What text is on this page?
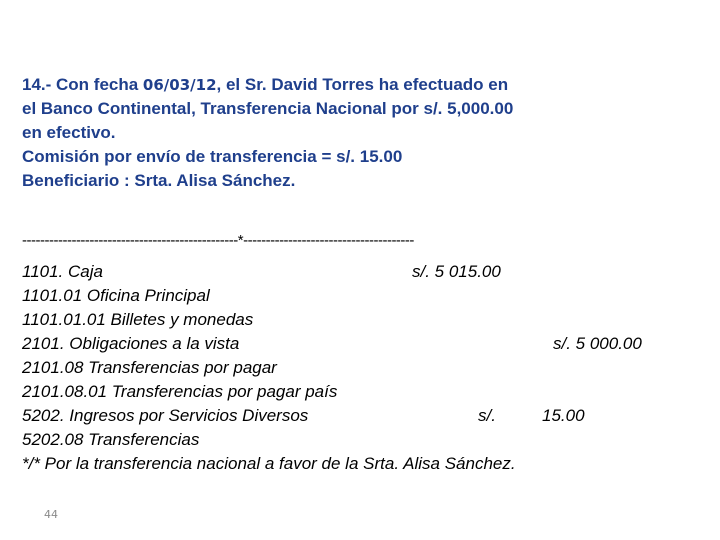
14.- Con fecha 06/03/12, el Sr. David Torres ha efectuado en
el Banco Continental, Transferencia Nacional por s/. 5,000.00
en efectivo.
Comisión por envío de transferencia = s/. 15.00
Beneficiario : Srta. Alisa Sánchez.
------------------------------------------------*--------------------------------------
1101. Caja	s/. 5 015.00
1101.01 Oficina Principal
1101.01.01 Billetes y monedas
2101. Obligaciones a la vista	s/. 5 000.00
2101.08 Transferencias por pagar
2101.08.01 Transferencias por pagar país
5202. Ingresos por Servicios Diversos	s/.	15.00
5202.08 Transferencias
*/* Por la transferencia nacional a favor de la Srta. Alisa Sánchez.
44
